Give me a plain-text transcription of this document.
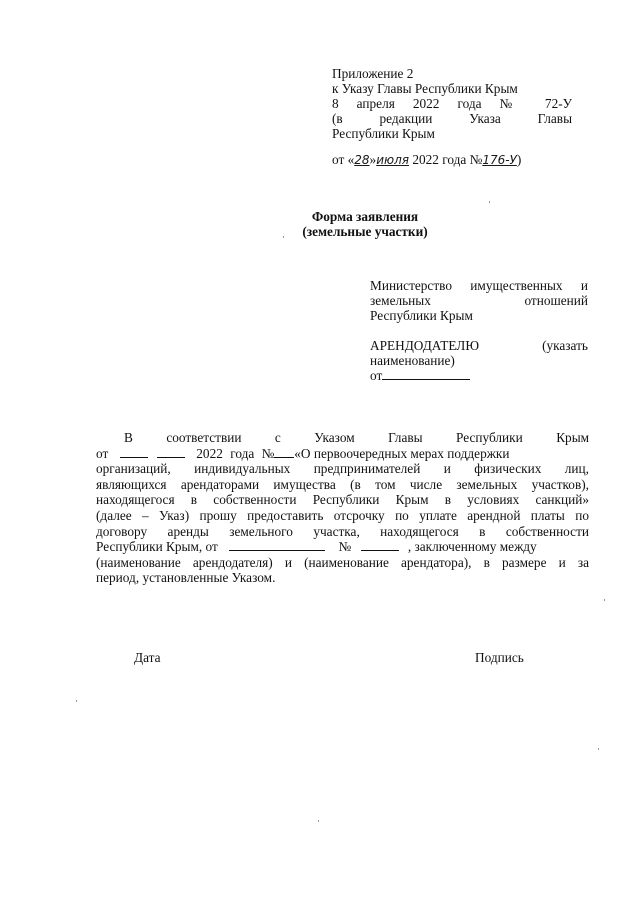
Приложение 2
к Указу Главы Республики Крым
8 апреля 2022 года № 72-У
(в	редакции	Указа	Главы
Республики Крым
от «28»июля 2022 года №176-У)
Форма заявления
(земельные участки)
Министерство имущественных и
земельных	отношений
Республики Крым
АРЕНДОДАТЕЛЮ	(указать
наименование)
от
В	соответствии	с	Указом	Главы	Республики	Крым
от	2022 года № «О первоочередных мерах поддержки
организаций, индивидуальных предпринимателей и физических лиц,
являющихся арендаторами имущества (в том числе земельных участков),
находящегося в собственности Республики Крым в условиях санкций»
(далее – Указ) прошу предоставить отсрочку по уплате арендной платы по
договору аренды земельного участка, находящегося в собственности
Республики Крым, от	№	, заключенному между
(наименование арендодателя) и (наименование арендатора), в размере и за
период, установленные Указом.
Дата	Подпись
